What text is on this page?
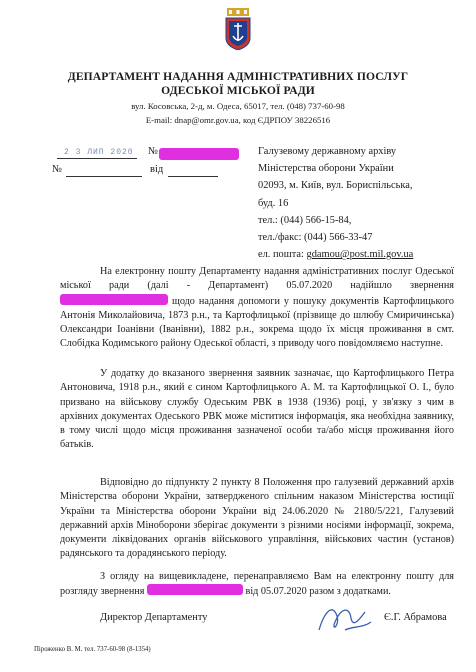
ДЕПАРТАМЕНТ НАДАННЯ АДМІНІСТРАТИВНИХ ПОСЛУГ
ОДЕСЬКОЇ МІСЬКОЇ РАДИ
вул. Косовська, 2-д, м. Одеса, 65017, тел. (048) 737-60-98
E-mail: dnap@omr.gov.ua, код ЄДРПОУ 38226516
2 3 ЛИП 2020 №
№	від
Галузевому державному архіву
Міністерства оборони України
02093, м. Київ, вул. Бориспільська,
буд. 16
тел.: (044) 566-15-84,
тел./факс: (044) 566-33-47
ел. пошта: gdamou@post.mil.gov.ua
На електронну пошту Департаменту надання адміністративних послуг Одеської міської ради (далі - Департамент) 05.07.2020 надійшло звернення  щодо надання допомоги у пошуку документів Картофлицького Антонія Миколайовича, 1873 р.н., та Картофлицької (прізвище до шлюбу Смиричинська) Олександри Іоанівни (Іванівни), 1882 р.н., зокрема щодо їх місця проживання в смт. Слобідка Кодимського району Одеської області, з приводу чого повідомляємо наступне.
У додатку до вказаного звернення заявник зазначає, що Картофлицького Петра Антоновича, 1918 р.н., який є сином Картофлицького А. М. та Картофлицької О. І., було призвано на військову службу Одеським РВК в 1938 (1936) році, у зв'язку з чим в архівних документах Одеського РВК може міститися інформація, яка необхідна заявнику, в тому числі щодо місця проживання зазначеної особи та/або місця проживання його батьків.
Відповідно до підпункту 2 пункту 8 Положення про галузевий державний архів Міністерства оборони України, затвердженого спільним наказом Міністерства юстиції України та Міністерства оборони України від 24.06.2020 № 2180/5/221, Галузевий державний архів Міноборони зберігає документи з різними носіями інформації, зокрема, документи ліквідованих органів військового управління, військових частин (установ) радянського та дорадянського періоду.
З огляду на вищевикладене, перенаправляємо Вам на електронну пошту для розгляду звернення	від 05.07.2020 разом з додатками.
Директор Департаменту	Є.Г. Абрамова
Піроженко В. М. тел. 737-60-98 (8-1354)
